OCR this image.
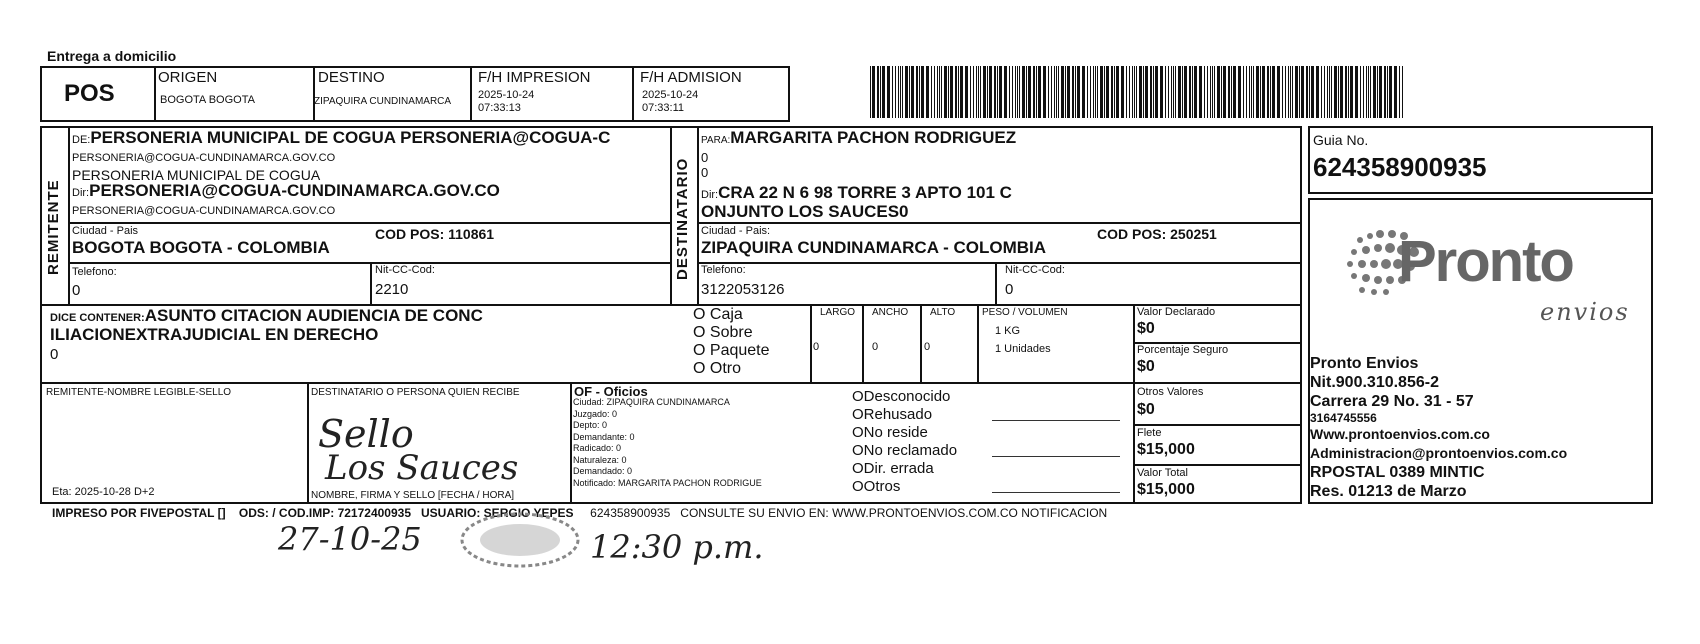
Entrega a domicilio
POS
ORIGEN
BOGOTA BOGOTA
DESTINO
ZIPAQUIRA CUNDINAMARCA
F/H IMPRESION
2025-10-24
07:33:13
F/H ADMISION
2025-10-24
07:33:11
REMITENTE
DE:PERSONERIA MUNICIPAL DE COGUA PERSONERIA@COGUA-C
PERSONERIA@COGUA-CUNDINAMARCA.GOV.CO
PERSONERIA MUNICIPAL DE COGUA
Dir:PERSONERIA@COGUA-CUNDINAMARCA.GOV.CO
PERSONERIA@COGUA-CUNDINAMARCA.GOV.CO
Ciudad - Pais
BOGOTA BOGOTA - COLOMBIA
COD POS: 110861
Telefono:
0
Nit-CC-Cod:
2210
DESTINATARIO
PARA:MARGARITA PACHON RODRIGUEZ
0
0
Dir:CRA 22 N 6 98 TORRE 3 APTO 101 C
ONJUNTO LOS SAUCES0
Ciudad - Pais:
ZIPAQUIRA CUNDINAMARCA - COLOMBIA
COD POS: 250251
Telefono:
3122053126
Nit-CC-Cod:
0
Guia No.
624358900935
Pronto
envios
Pronto Envios
Nit.900.310.856-2
Carrera 29 No. 31 - 57
3164745556
Www.prontoenvios.com.co
Administracion@prontoenvios.com.co
RPOSTAL 0389 MINTIC
Res. 01213 de Marzo
DICE CONTENER:ASUNTO CITACION AUDIENCIA DE CONC
ILIACIONEXTRAJUDICIAL EN DERECHO
0
O Caja
O Sobre
O Paquete
O Otro
LARGO
0
ANCHO
0
ALTO
0
PESO / VOLUMEN
1 KG
1 Unidades
Valor Declarado
$0
Porcentaje Seguro
$0
REMITENTE-NOMBRE LEGIBLE-SELLO
Eta: 2025-10-28 D+2
DESTINATARIO O PERSONA QUIEN RECIBE
Sello
Los Sauces
NOMBRE, FIRMA Y SELLO [FECHA / HORA]
OF - Oficios
Ciudad: ZIPAQUIRA CUNDINAMARCA
Juzgado: 0
Depto: 0
Demandante: 0
Radicado: 0
Naturaleza: 0
Demandado: 0
Notificado: MARGARITA PACHON RODRIGUE
ODesconocido
ORehusado
ONo reside
ONo reclamado
ODir. errada
OOtros
Otros Valores
$0
Flete
$15,000
Valor Total
$15,000
IMPRESO POR FIVEPOSTAL [] ODS: / COD.IMP: 72172400935 USUARIO: SERGIO YEPES 624358900935 CONSULTE SU ENVIO EN: WWW.PRONTOENVIOS.COM.CO NOTIFICACION
27-10-25	12:30 p.m.
